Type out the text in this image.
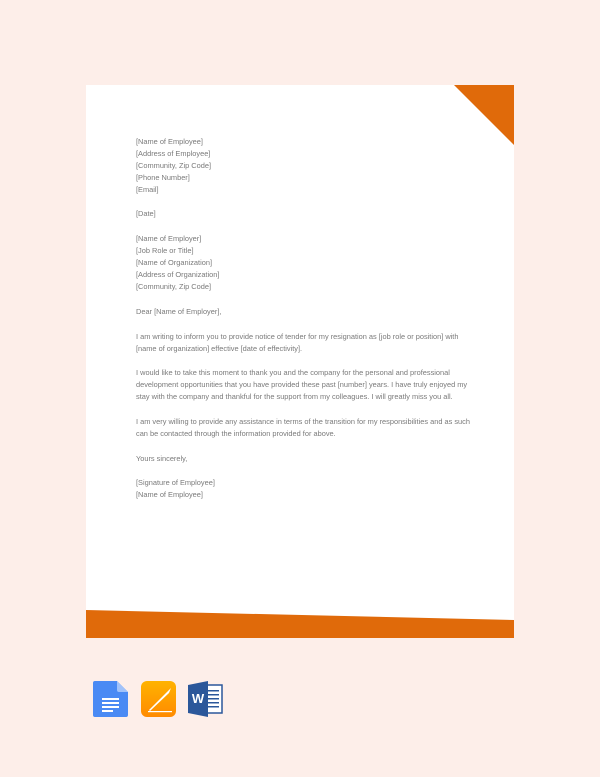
[Name of Employee]
[Address of Employee]
[Community, Zip Code]
[Phone Number]
[Email]
[Date]
[Name of Employer]
[Job Role or Title]
[Name of Organization]
[Address of Organization]
[Community, Zip Code]
Dear [Name of Employer],
I am writing to inform you to provide notice of tender for my resignation as [job role or position] with
[name of organization] effective [date of effectivity].
I would like to take this moment to thank you and the company for the personal and professional
development opportunities that you have provided these past [number] years. I have truly enjoyed my
stay with the company and thankful for the support from my colleagues. I will greatly miss you all.
I am very willing to provide any assistance in terms of the transition for my responsibilities and as such
can be contacted through the information provided for above.
Yours sincerely,
[Signature of Employee]
[Name of Employee]
W
